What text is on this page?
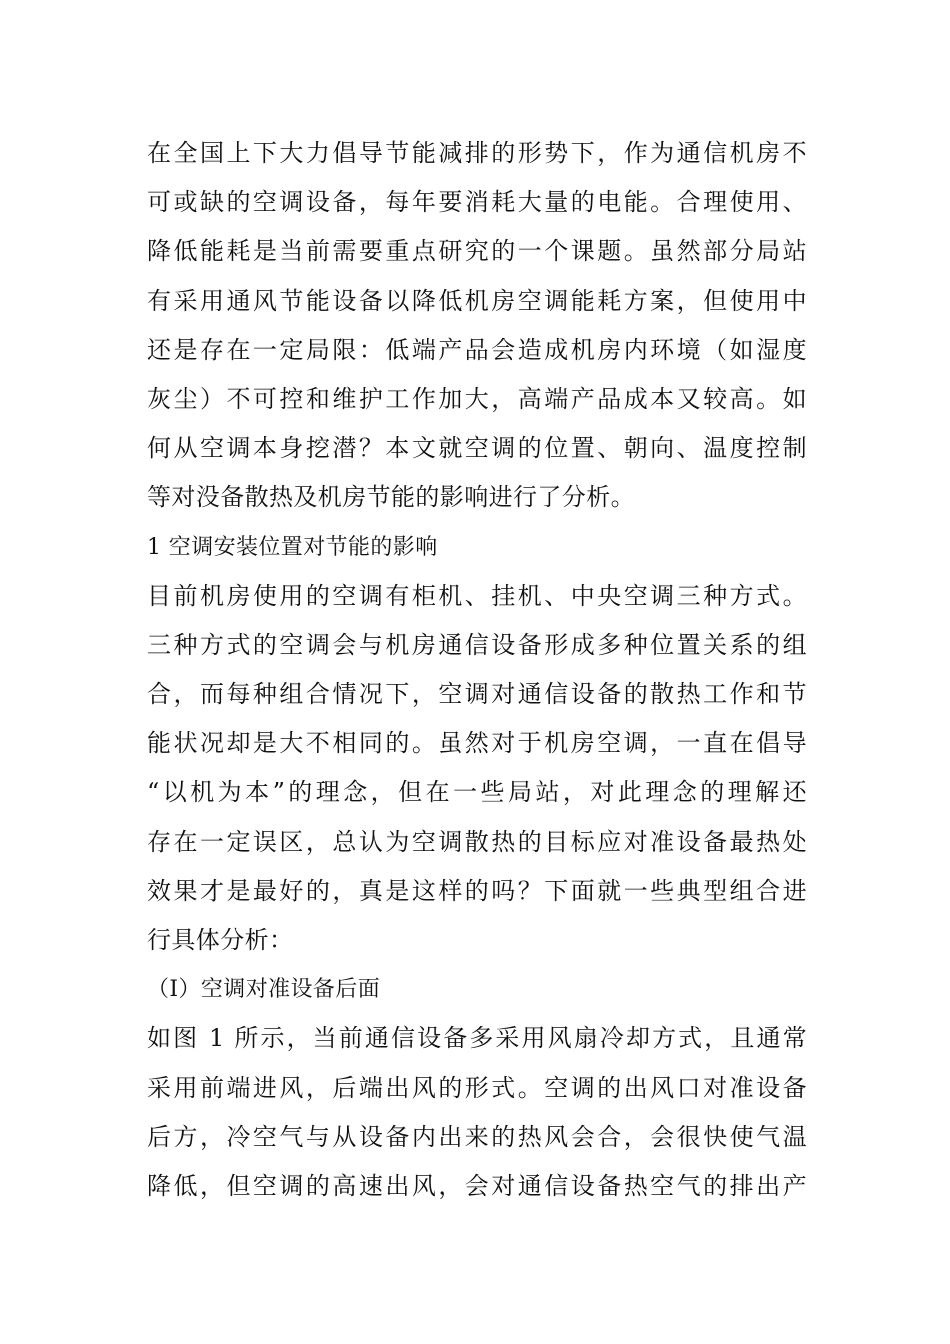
在全国上下大力倡导节能减排的形势下，作为通信机房不
可或缺的空调设备，每年要消耗大量的电能。合理使用、
降低能耗是当前需要重点研究的一个课题。虽然部分局站
有采用通风节能设备以降低机房空调能耗方案，但使用中
还是存在一定局限：低端产品会造成机房内环境（如湿度
灰尘）不可控和维护工作加大，高端产品成本又较高。如
何从空调本身挖潜？本文就空调的位置、朝向、温度控制
等对没备散热及机房节能的影响进行了分析。
1 空调安装位置对节能的影响
目前机房使用的空调有柜机、挂机、中央空调三种方式。
三种方式的空调会与机房通信设备形成多种位置关系的组
合，而每种组合情况下，空调对通信设备的散热工作和节
能状况却是大不相同的。虽然对于机房空调，一直在倡导
“以机为本”的理念，但在一些局站，对此理念的理解还
存在一定误区，总认为空调散热的目标应对准设备最热处
效果才是最好的，真是这样的吗？下面就一些典型组合进
行具体分析：
（Ⅰ）空调对准设备后面
如图 1 所示，当前通信设备多采用风扇冷却方式，且通常
采用前端进风，后端出风的形式。空调的出风口对准设备
后方，冷空气与从设备内出来的热风会合，会很快使气温
降低，但空调的高速出风，会对通信设备热空气的排出产
